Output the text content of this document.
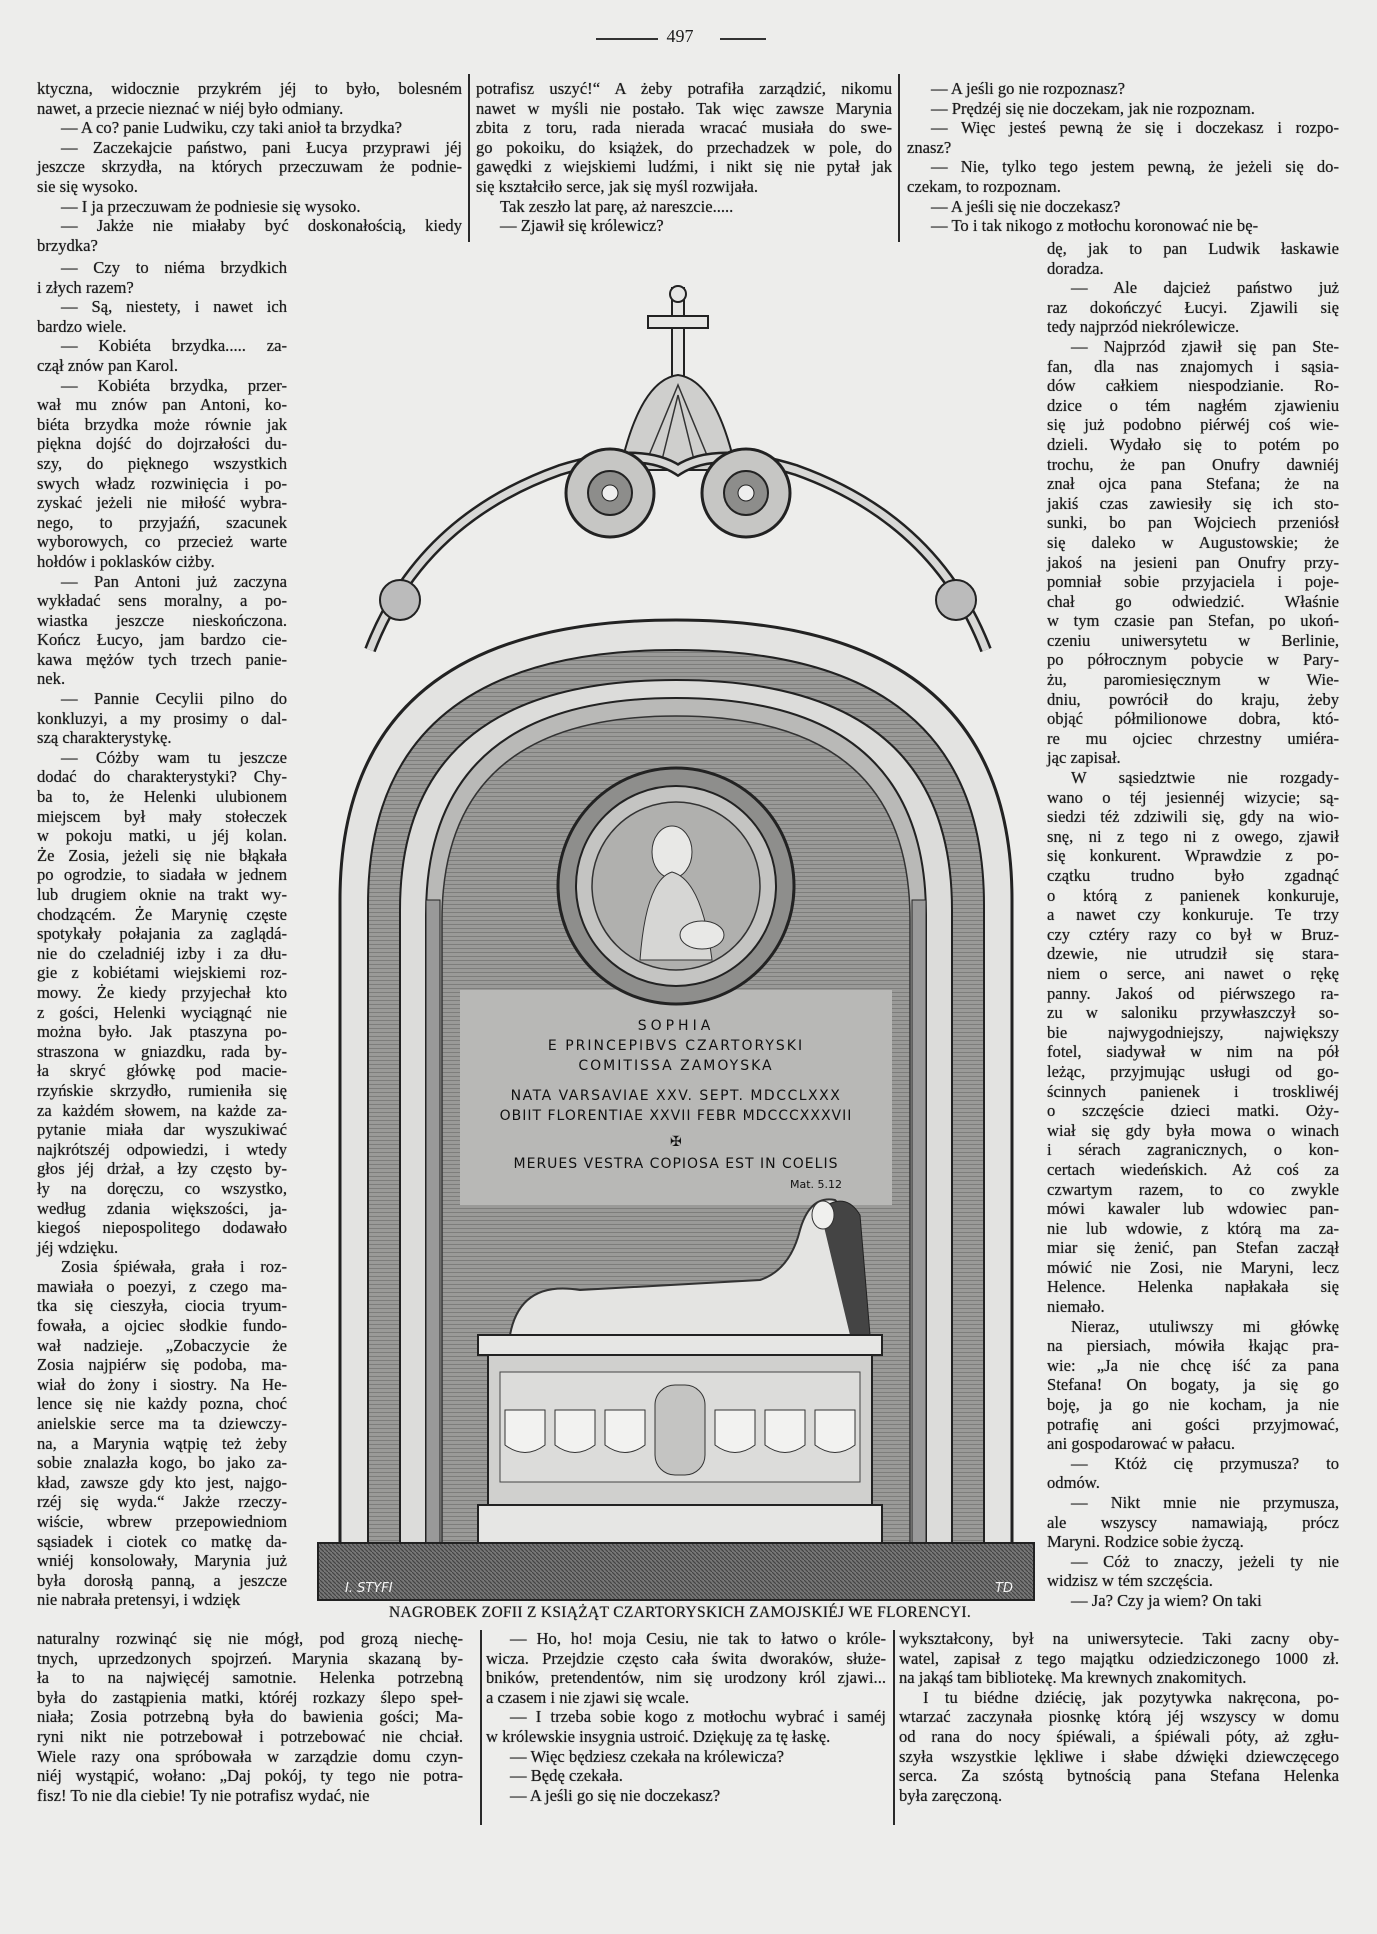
497
ktyczna, widocznie przykrém jéj to było, bolesném
nawet, a przecie nieznać w niéj było odmiany.
— A co? panie Ludwiku, czy taki anioł ta brzydka?
— Zaczekajcie państwo, pani Łucya przyprawi jéj
jeszcze skrzydła, na których przeczuwam że podnie-
sie się wysoko.
— I ja przeczuwam że podniesie się wysoko.
— Jakże nie miałaby być doskonałością, kiedy
brzydka?
potrafisz uszyć!“ A żeby potrafiła zarządzić, nikomu
nawet w myśli nie postało. Tak więc zawsze Marynia
zbita z toru, rada nierada wracać musiała do swe-
go pokoiku, do książek, do przechadzek w pole, do
gawędki z wiejskiemi ludźmi, i nikt się nie pytał jak
się kształciło serce, jak się myśl rozwijała.
Tak zeszło lat parę, aż nareszcie.....
— Zjawił się królewicz?
— A jeśli go nie rozpoznasz?
— Prędzéj się nie doczekam, jak nie rozpoznam.
— Więc jesteś pewną że się i doczekasz i rozpo-
znasz?
— Nie, tylko tego jestem pewną, że jeżeli się do-
czekam, to rozpoznam.
— A jeśli się nie doczekasz?
— To i tak nikogo z motłochu koronować nie bę-
— Czy to niéma brzydkich
i złych razem?
— Są, niestety, i nawet ich
bardzo wiele.
— Kobiéta brzydka..... za-
czął znów pan Karol.
— Kobiéta brzydka, przer-
wał mu znów pan Antoni, ko-
biéta brzydka może równie jak
piękna dojść do dojrzałości du-
szy, do pięknego wszystkich
swych władz rozwinięcia i po-
zyskać jeżeli nie miłość wybra-
nego, to przyjaźń, szacunek
wyborowych, co przecież warte
hołdów i poklasków ciżby.
— Pan Antoni już zaczyna
wykładać sens moralny, a po-
wiastka jeszcze nieskończona.
Kończ Łucyo, jam bardzo cie-
kawa mężów tych trzech panie-
nek.
— Pannie Cecylii pilno do
konkluzyi, a my prosimy o dal-
szą charakterystykę.
— Cóżby wam tu jeszcze
dodać do charakterystyki? Chy-
ba to, że Helenki ulubionem
miejscem był mały stołeczek
w pokoju matki, u jéj kolan.
Że Zosia, jeżeli się nie błąkała
po ogrodzie, to siadała w jednem
lub drugiem oknie na trakt wy-
chodzącém. Że Marynię częste
spotykały połajania za zaglądá-
nie do czeladniéj izby i za dłu-
gie z kobiétami wiejskiemi roz-
mowy. Że kiedy przyjechał kto
z gości, Helenki wyciągnąć nie
można było. Jak ptaszyna po-
straszona w gniazdku, rada by-
ła skryć główkę pod macie-
rzyńskie skrzydło, rumieniła się
za każdém słowem, na każde za-
pytanie miała dar wyszukiwać
najkrótszéj odpowiedzi, i wtedy
głos jéj drżał, a łzy często by-
ły na doręczu, co wszystko,
według zdania większości, ja-
kiegoś niepospolitego dodawało
jéj wdzięku.
Zosia śpiéwała, grała i roz-
mawiała o poezyi, z czego ma-
tka się cieszyła, ciocia tryum-
fowała, a ojciec słodkie fundo-
wał nadzieje. „Zobaczycie że
Zosia najpiérw się podoba, ma-
wiał do żony i siostry. Na He-
lence się nie każdy pozna, choć
anielskie serce ma ta dziewczy-
na, a Marynia wątpię też żeby
sobie znalazła kogo, bo jako za-
kład, zawsze gdy kto jest, najgo-
rzéj się wyda.“ Jakże rzeczy-
wiście, wbrew przepowiedniom
sąsiadek i ciotek co matkę da-
wniéj konsolowały, Marynia już
była dorosłą panną, a jeszcze
nie nabrała pretensyi, i wdzięk
dę, jak to pan Ludwik łaskawie
doradza.
— Ale dajcież państwo już
raz dokończyć Łucyi. Zjawili się
tedy najprzód niekrólewicze.
— Najprzód zjawił się pan Ste-
fan, dla nas znajomych i sąsia-
dów całkiem niespodzianie. Ro-
dzice o tém nagłém zjawieniu
się już podobno piérwéj coś wie-
dzieli. Wydało się to potém po
trochu, że pan Onufry dawniéj
znał ojca pana Stefana; że na
jakiś czas zawiesiły się ich sto-
sunki, bo pan Wojciech przeniósł
się daleko w Augustowskie; że
jakoś na jesieni pan Onufry przy-
pomniał sobie przyjaciela i poje-
chał go odwiedzić. Właśnie
w tym czasie pan Stefan, po ukoń-
czeniu uniwersytetu w Berlinie,
po półrocznym pobycie w Pary-
żu, paromiesięcznym w Wie-
dniu, powrócił do kraju, żeby
objąć półmilionowe dobra, któ-
re mu ojciec chrzestny umiéra-
jąc zapisał.
W sąsiedztwie nie rozgady-
wano o téj jesiennéj wizycie; są-
siedzi téż zdziwili się, gdy na wio-
snę, ni z tego ni z owego, zjawił
się konkurent. Wprawdzie z po-
czątku trudno było zgadnąć
o którą z panienek konkuruje,
a nawet czy konkuruje. Te trzy
czy cztéry razy co był w Bruz-
dzewie, nie utrudził się stara-
niem o serce, ani nawet o rękę
panny. Jakoś od piérwszego ra-
zu w saloniku przywłaszczył so-
bie najwygodniejszy, największy
fotel, siadywał w nim na pół
leżąc, przyjmując usługi od go-
ścinnych panienek i troskliwéj
o szczęście dzieci matki. Oży-
wiał się gdy była mowa o winach
i sérach zagranicznych, o kon-
certach wiedeńskich. Aż coś za
czwartym razem, to co zwykle
mówi kawaler lub wdowiec pan-
nie lub wdowie, z którą ma za-
miar się żenić, pan Stefan zaczął
mówić nie Zosi, nie Maryni, lecz
Helence. Helenka napłakała się
niemało.
Nieraz, utuliwszy mi główkę
na piersiach, mówiła łkając pra-
wie: „Ja nie chcę iść za pana
Stefana! On bogaty, ja się go
boję, ja go nie kocham, ja nie
potrafię ani gości przyjmować,
ani gospodarować w pałacu.
— Któż cię przymusza? to
odmów.
— Nikt mnie nie przymusza,
ale wszyscy namawiają, prócz
Maryni. Rodzice sobie życzą.
— Cóż to znaczy, jeżeli ty nie
widzisz w tém szczęścia.
— Ja? Czy ja wiem? On taki
SOPHIA
E PRINCEPIBVS CZARTORYSKI
COMITISSA ZAMOYSKA
NATA VARSAVIAE XXV. SEPT. MDCCLXXX
OBIIT FLORENTIAE XXVII FEBR MDCCCXXXVII
✠
MERUES VESTRA COPIOSA EST IN COELIS
Mat. 5.12
I. STYFI	TD
NAGROBEK ZOFII Z KSIĄŻĄT CZARTORYSKICH ZAMOJSKIÉJ WE FLORENCYI.
naturalny rozwinąć się nie mógł, pod grozą niechę-
tnych, uprzedzonych spojrzeń. Marynia skazaną by-
ła to na najwięcéj samotnie. Helenka potrzebną
była do zastąpienia matki, któréj rozkazy ślepo speł-
niała; Zosia potrzebną była do bawienia gości; Ma-
ryni nikt nie potrzebował i potrzebować nie chciał.
Wiele razy ona spróbowała w zarządzie domu czyn-
niéj wystąpić, wołano: „Daj pokój, ty tego nie potra-
fisz! To nie dla ciebie! Ty nie potrafisz wydać, nie
— Ho, ho! moja Cesiu, nie tak to łatwo o króle-
wicza. Przejdzie często cała świta dworaków, służe-
bników, pretendentów, nim się urodzony król zjawi...
a czasem i nie zjawi się wcale.
— I trzeba sobie kogo z motłochu wybrać i saméj
w królewskie insygnia ustroić. Dziękuję za tę łaskę.
— Więc będziesz czekała na królewicza?
— Będę czekała.
— A jeśli go się nie doczekasz?
wykształcony, był na uniwersytecie. Taki zacny oby-
watel, zapisał z tego majątku odziedziczonego 1000 zł.
na jakąś tam bibliotekę. Ma krewnych znakomitych.
I tu biédne dziécię, jak pozytywka nakręcona, po-
wtarzać zaczynała piosnkę którą jéj wszyscy w domu
od rana do nocy śpiéwali, a śpiéwali póty, aż zgłu-
szyła wszystkie lękliwe i słabe dźwięki dziewczęcego
serca. Za szóstą bytnością pana Stefana Helenka
była zaręczoną.
